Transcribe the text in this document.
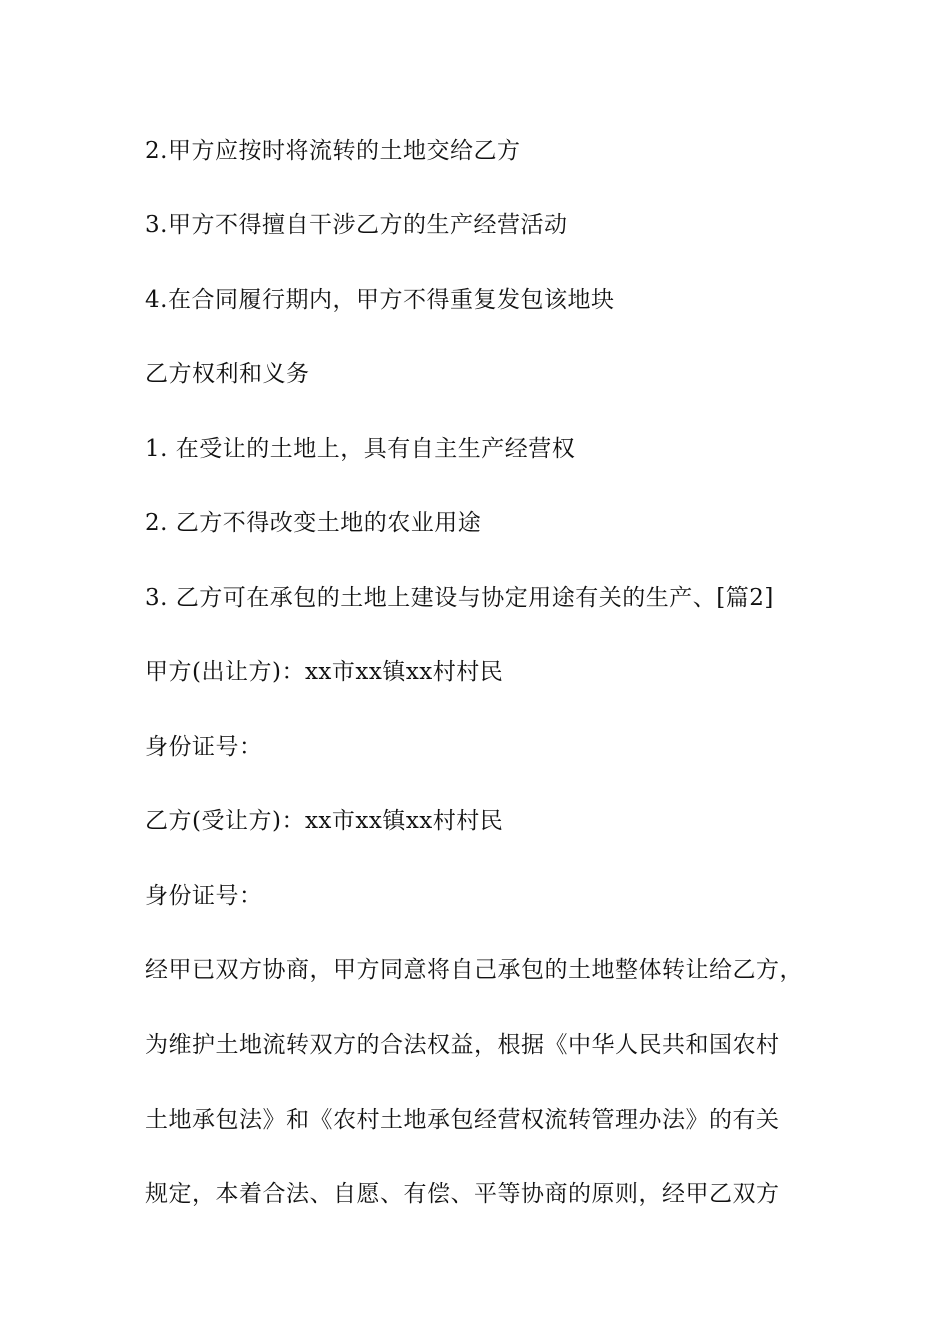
2.甲方应按时将流转的土地交给乙方

3.甲方不得擅自干涉乙方的生产经营活动

4.在合同履行期内，甲方不得重复发包该地块

乙方权利和义务

1. 在受让的土地上，具有自主生产经营权

2. 乙方不得改变土地的农业用途

3. 乙方可在承包的土地上建设与协定用途有关的生产、[篇2]

甲方(出让方)：xx市xx镇xx村村民

身份证号：

乙方(受让方)：xx市xx镇xx村村民

身份证号：

经甲已双方协商，甲方同意将自己承包的土地整体转让给乙方，

为维护土地流转双方的合法权益，根据《中华人民共和国农村

土地承包法》和《农村土地承包经营权流转管理办法》的有关

规定，本着合法、自愿、有偿、平等协商的原则，经甲乙双方
